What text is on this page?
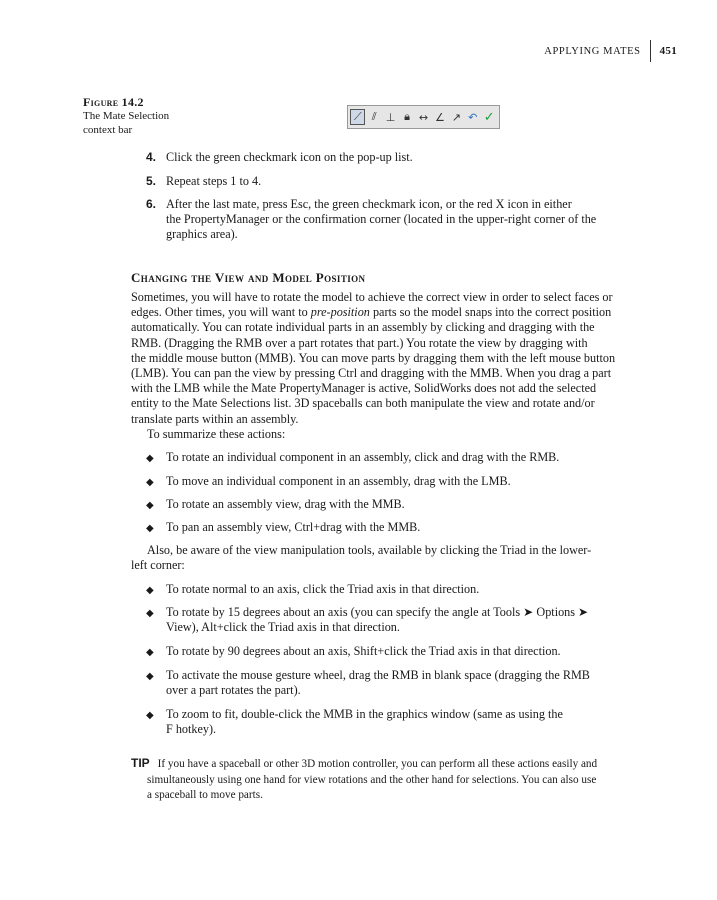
APPLYING MATES 451
Figure 14.2
The Mate Selection
context bar
⟋ ⫽ ⊥ 🔒︎ ↔ ∠ ↗ ↶ ✓
4. Click the green checkmark icon on the pop-up list.
5. Repeat steps 1 to 4.
6. After the last mate, press Esc, the green checkmark icon, or the red X icon in either
the PropertyManager or the confirmation corner (located in the upper-right corner of the
graphics area).
Changing the View and Model Position
Sometimes, you will have to rotate the model to achieve the correct view in order to select faces or
edges. Other times, you will want to pre-position parts so the model snaps into the correct position
automatically. You can rotate individual parts in an assembly by clicking and dragging with the
RMB. (Dragging the RMB over a part rotates that part.) You rotate the view by dragging with
the middle mouse button (MMB). You can move parts by dragging them with the left mouse button
(LMB). You can pan the view by pressing Ctrl and dragging with the MMB. When you drag a part
with the LMB while the Mate PropertyManager is active, SolidWorks does not add the selected
entity to the Mate Selections list. 3D spaceballs can both manipulate the view and rotate and/or
translate parts within an assembly.
To summarize these actions:
◆	To rotate an individual component in an assembly, click and drag with the RMB.
◆	To move an individual component in an assembly, drag with the LMB.
◆	To rotate an assembly view, drag with the MMB.
◆	To pan an assembly view, Ctrl+drag with the MMB.
Also, be aware of the view manipulation tools, available by clicking the Triad in the lower-
left corner:
◆	To rotate normal to an axis, click the Triad axis in that direction.
◆	To rotate by 15 degrees about an axis (you can specify the angle at Tools ➤ Options ➤
View), Alt+click the Triad axis in that direction.
◆	To rotate by 90 degrees about an axis, Shift+click the Triad axis in that direction.
◆	To activate the mouse gesture wheel, drag the RMB in blank space (dragging the RMB
over a part rotates the part).
◆	To zoom to fit, double-click the MMB in the graphics window (same as using the
F hotkey).
TIP If you have a spaceball or other 3D motion controller, you can perform all these actions easily and
simultaneously using one hand for view rotations and the other hand for selections. You can also use
a spaceball to move parts.
